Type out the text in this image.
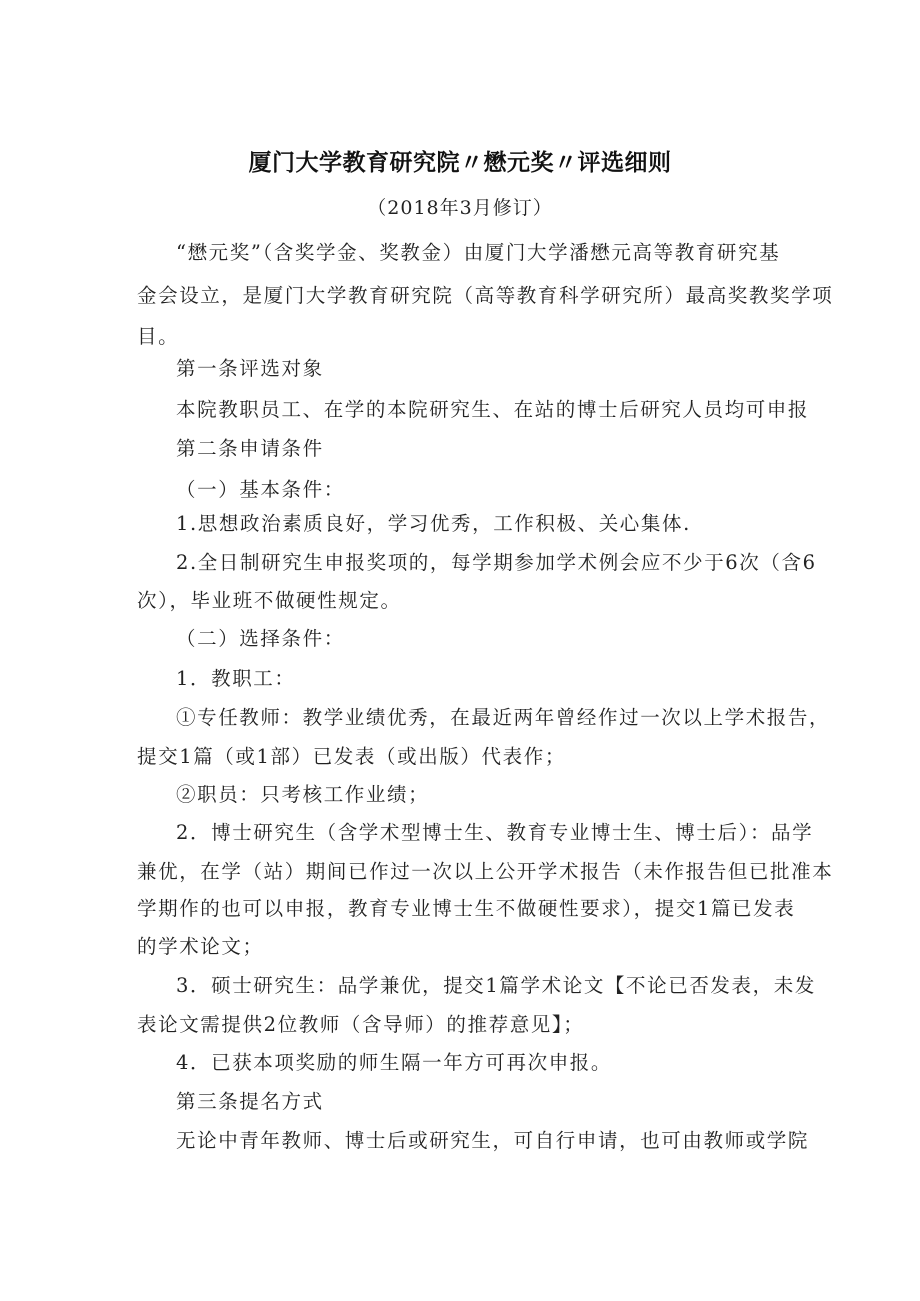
厦门大学教育研究院〃懋元奖〃评选细则
（2018年3月修订）
“懋元奖”（含奖学金、奖教金）由厦门大学潘懋元高等教育研究基
金会设立，是厦门大学教育研究院（高等教育科学研究所）最高奖教奖学项
目。
第一条评选对象
本院教职员工、在学的本院研究生、在站的博士后研究人员均可申报
第二条申请条件
（一）基本条件：
1.思想政治素质良好，学习优秀，工作积极、关心集体.
2.全日制研究生申报奖项的，每学期参加学术例会应不少于6次（含6
次），毕业班不做硬性规定。
（二）选择条件：
1．教职工：
①专任教师：教学业绩优秀，在最近两年曾经作过一次以上学术报告，
提交1篇（或1部）已发表（或出版）代表作；
②职员：只考核工作业绩；
2．博士研究生（含学术型博士生、教育专业博士生、博士后）：品学
兼优，在学（站）期间已作过一次以上公开学术报告（未作报告但已批准本
学期作的也可以申报，教育专业博士生不做硬性要求），提交1篇已发表
的学术论文；
3．硕士研究生：品学兼优，提交1篇学术论文【不论已否发表，未发
表论文需提供2位教师（含导师）的推荐意见】；
4．已获本项奖励的师生隔一年方可再次申报。
第三条提名方式
无论中青年教师、博士后或研究生，可自行申请，也可由教师或学院
